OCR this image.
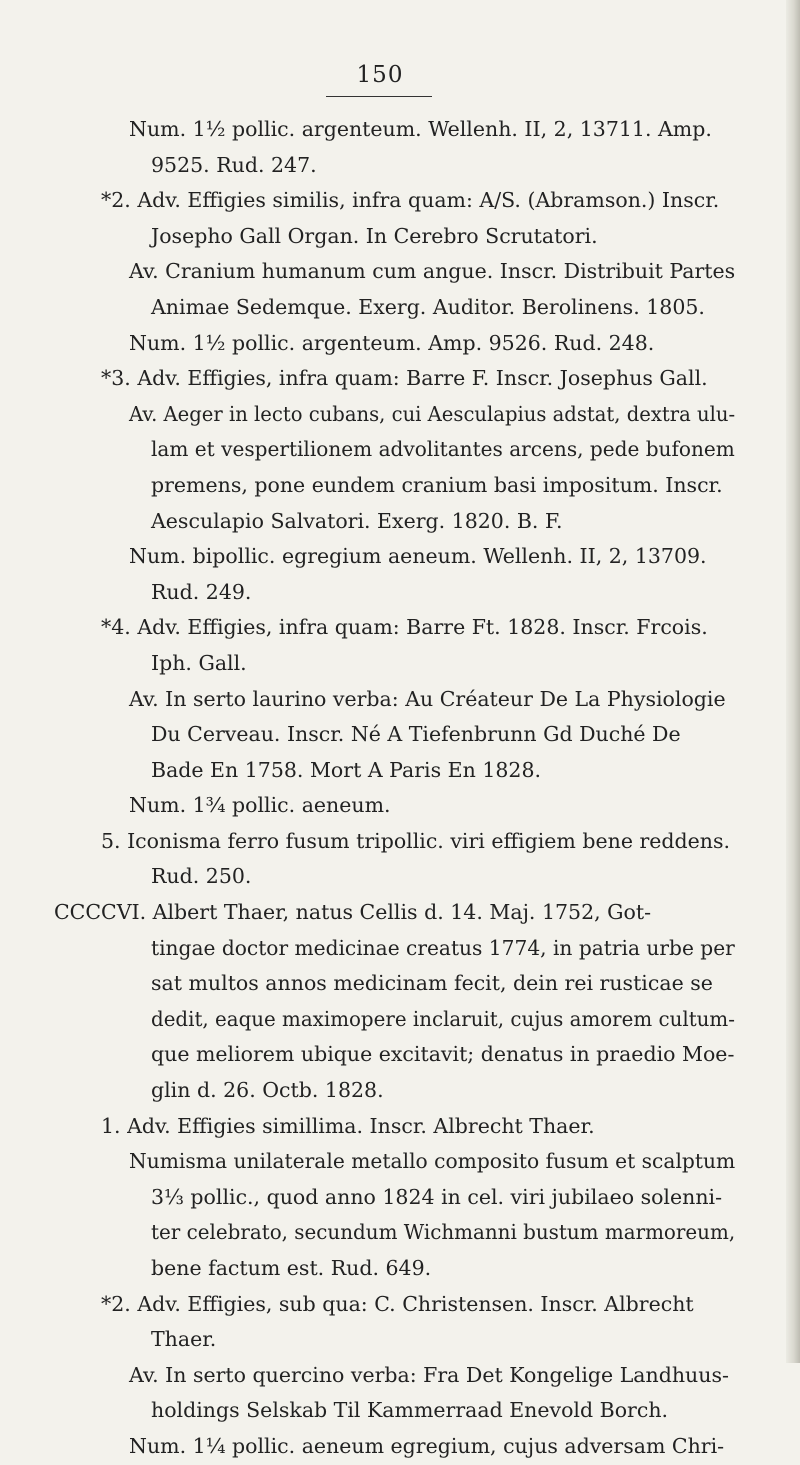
150
Num. 1½ pollic. argenteum. Wellenh. II, 2, 13711. Amp.
9525. Rud. 247.
*2. Adv. Effigies similis, infra quam: A/S. (Abramson.) Inscr.
Josepho Gall Organ. In Cerebro Scrutatori.
Av. Cranium humanum cum angue. Inscr. Distribuit Partes
Animae Sedemque. Exerg. Auditor. Berolinens. 1805.
Num. 1½ pollic. argenteum. Amp. 9526. Rud. 248.
*3. Adv. Effigies, infra quam: Barre F. Inscr. Josephus Gall.
Av. Aeger in lecto cubans, cui Aesculapius adstat, dextra ulu-
lam et vespertilionem advolitantes arcens, pede bufonem
premens, pone eundem cranium basi impositum. Inscr.
Aesculapio Salvatori. Exerg. 1820. B. F.
Num. bipollic. egregium aeneum. Wellenh. II, 2, 13709.
Rud. 249.
*4. Adv. Effigies, infra quam: Barre Ft. 1828. Inscr. Frcois.
Iph. Gall.
Av. In serto laurino verba: Au Créateur De La Physiologie
Du Cerveau. Inscr. Né A Tiefenbrunn Gd Duché De
Bade En 1758. Mort A Paris En 1828.
Num. 1¾ pollic. aeneum.
5. Iconisma ferro fusum tripollic. viri effigiem bene reddens.
Rud. 250.
CCCCVI. Albert Thaer, natus Cellis d. 14. Maj. 1752, Got-
tingae doctor medicinae creatus 1774, in patria urbe per
sat multos annos medicinam fecit, dein rei rusticae se
dedit, eaque maximopere inclaruit, cujus amorem cultum-
que meliorem ubique excitavit; denatus in praedio Moe-
glin d. 26. Octb. 1828.
1. Adv. Effigies simillima. Inscr. Albrecht Thaer.
Numisma unilaterale metallo composito fusum et scalptum
3⅓ pollic., quod anno 1824 in cel. viri jubilaeo solenni-
ter celebrato, secundum Wichmanni bustum marmoreum,
bene factum est. Rud. 649.
*2. Adv. Effigies, sub qua: C. Christensen. Inscr. Albrecht
Thaer.
Av. In serto quercino verba: Fra Det Kongelige Landhuus-
holdings Selskab Til Kammerraad Enevold Borch.
Num. 1¼ pollic. aeneum egregium, cujus adversam Chri-
